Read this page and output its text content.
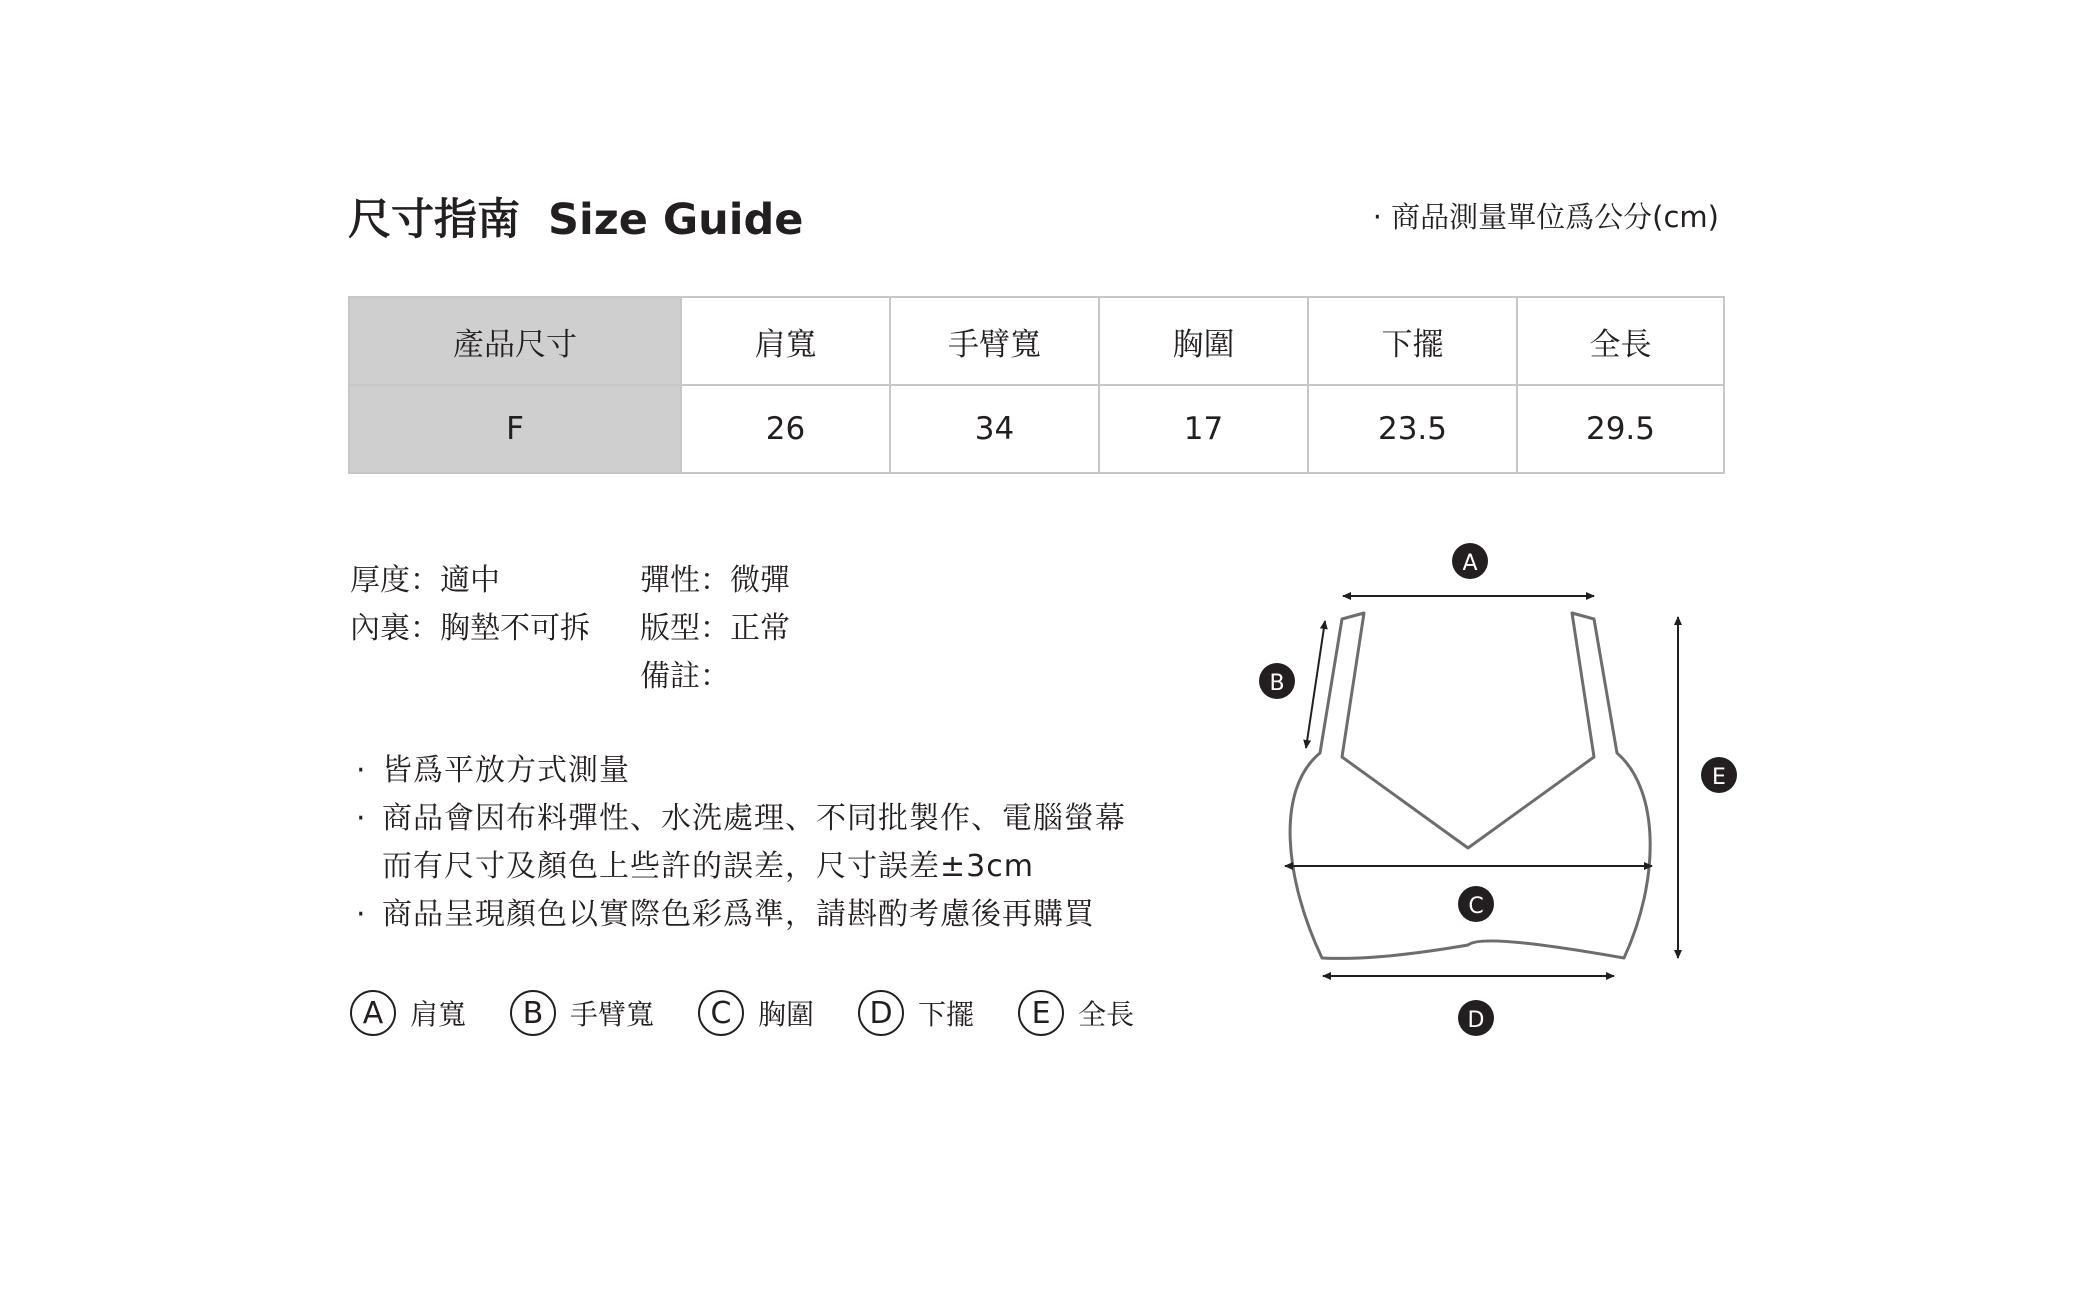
尺寸指南 Size Guide	· 商品測量單位爲公分(cm)
產品尺寸	肩寬	手臂寬	胸圍	下擺	全長
F	26	34	17	23.5	29.5
厚度：適中	彈性：微彈
內裏：胸墊不可拆 版型：正常
備註：
· 皆爲平放方式測量
· 商品會因布料彈性、水洗處理、不同批製作、電腦螢幕
而有尺寸及顏色上些許的誤差，尺寸誤差±3cm
· 商品呈現顏色以實際色彩爲準，請斟酌考慮後再購買
A 肩寬	B 手臂寬	C 胸圍	D 下擺	E 全長
A
B
C
D
E
